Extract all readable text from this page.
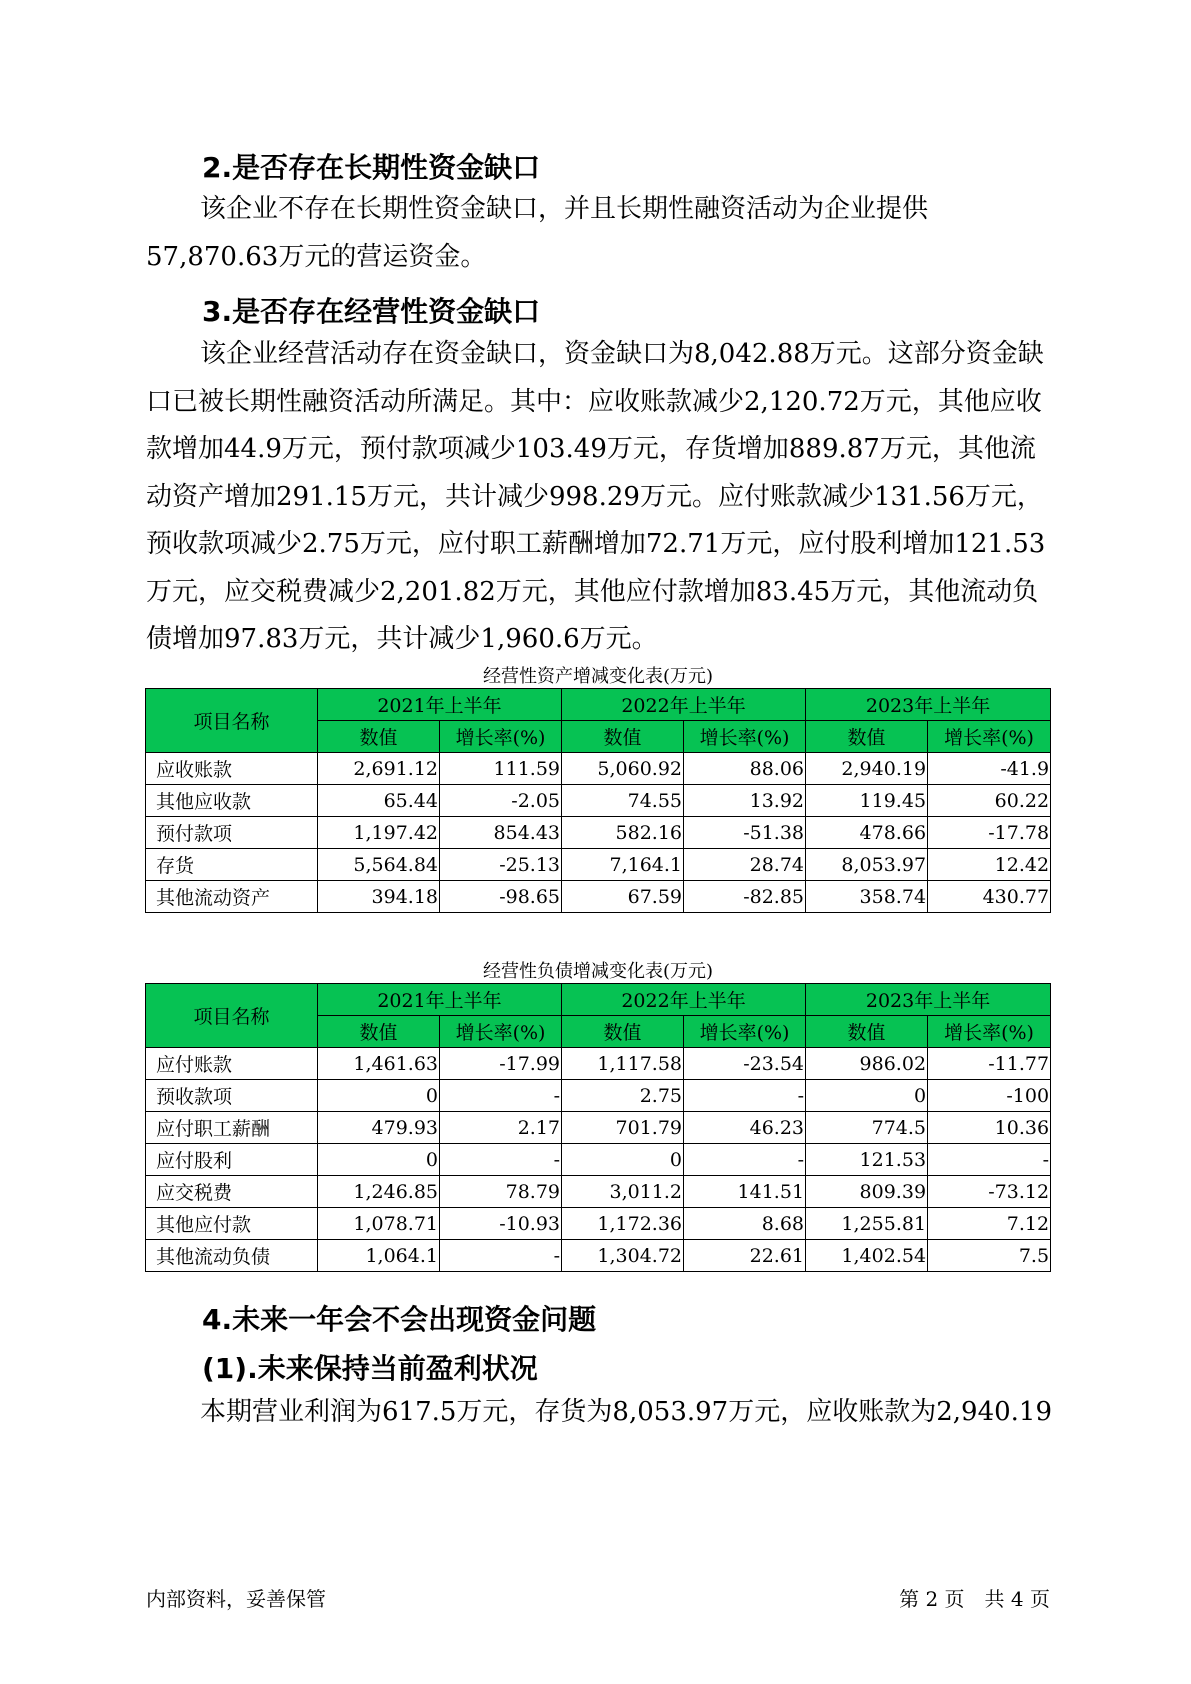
2.是否存在长期性资金缺口

该企业不存在长期性资金缺口，并且长期性融资活动为企业提供57,870.63万元的营运资金。

3.是否存在经营性资金缺口

该企业经营活动存在资金缺口，资金缺口为8,042.88万元。这部分资金缺口已被长期性融资活动所满足。其中：应收账款减少2,120.72万元，其他应收款增加44.9万元，预付款项减少103.49万元，存货增加889.87万元，其他流动资产增加291.15万元，共计减少998.29万元。应付账款减少131.56万元，预收款项减少2.75万元，应付职工薪酬增加72.71万元，应付股利增加121.53万元，应交税费减少2,201.82万元，其他应付款增加83.45万元，其他流动负债增加97.83万元，共计减少1,960.6万元。

经营性资产增减变化表(万元)
项目名称	2021年上半年		2022年上半年		2023年上半年	
	数值	增长率(%)	数值	增长率(%)	数值	增长率(%)
应收账款	2,691.12	111.59	5,060.92	88.06	2,940.19	-41.9
其他应收款	65.44	-2.05	74.55	13.92	119.45	60.22
预付款项	1,197.42	854.43	582.16	-51.38	478.66	-17.78
存货	5,564.84	-25.13	7,164.1	28.74	8,053.97	12.42
其他流动资产	394.18	-98.65	67.59	-82.85	358.74	430.77
经营性负债增减变化表(万元)
项目名称	2021年上半年		2022年上半年		2023年上半年	
	数值	增长率(%)	数值	增长率(%)	数值	增长率(%)
应付账款	1,461.63	-17.99	1,117.58	-23.54	986.02	-11.77
预收款项	0	-	2.75	-	0	-100
应付职工薪酬	479.93	2.17	701.79	46.23	774.5	10.36
应付股利	0	-	0	-	121.53	-
应交税费	1,246.85	78.79	3,011.2	141.51	809.39	-73.12
其他应付款	1,078.71	-10.93	1,172.36	8.68	1,255.81	7.12
其他流动负债	1,064.1	-	1,304.72	22.61	1,402.54	7.5
4.未来一年会不会出现资金问题
(1).未来保持当前盈利状况

本期营业利润为617.5万元，存货为8,053.97万元，应收账款为2,940.19

内部资料，妥善保管	第 2 页　共 4 页
